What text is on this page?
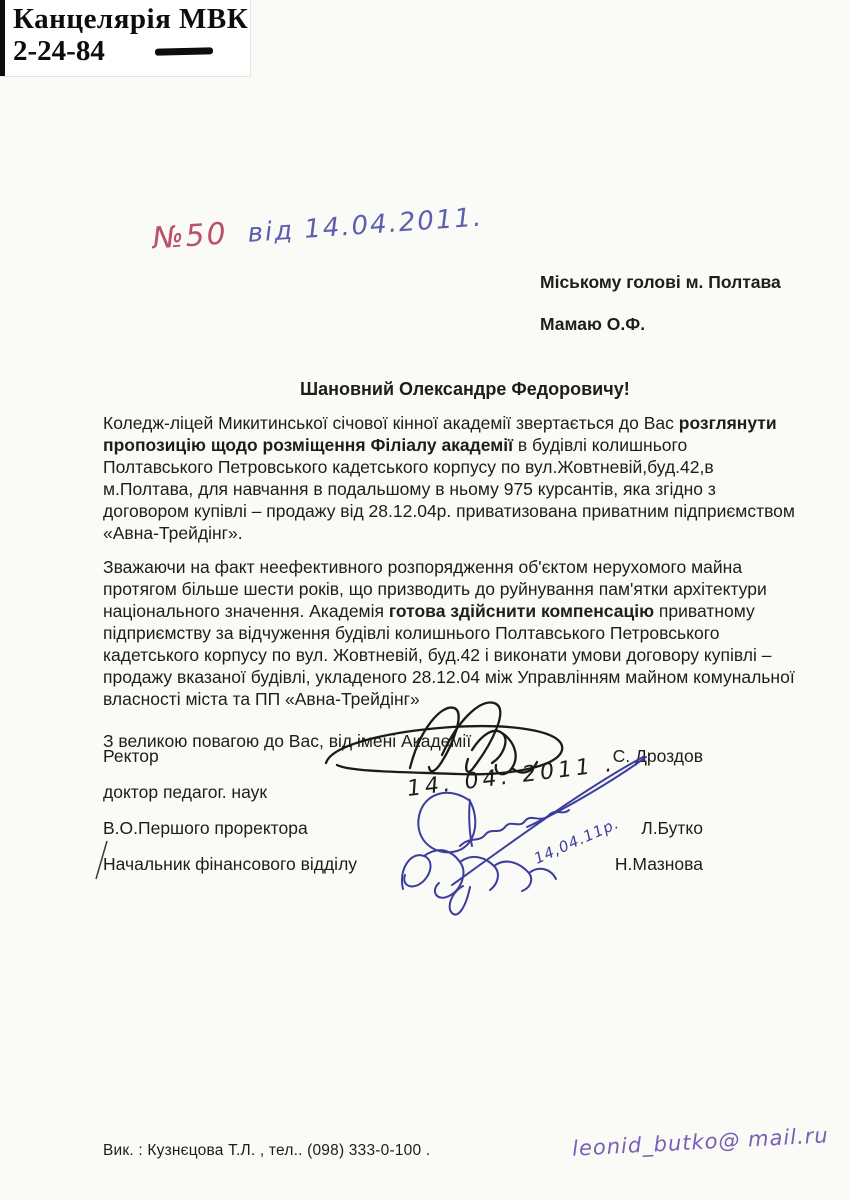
Канцелярія МВК
2-24-84
№50 від 14.04.2011.
Міському голові м. Полтава
Мамаю О.Ф.
Шановний Олександре Федоровичу!

Коледж-ліцей Микитинської січової кінної академії звертається до Вас розглянути пропозицію щодо розміщення Філіалу академії в будівлі колишнього Полтавського Петровського кадетського корпусу по вул.Жовтневій,буд.42,в м.Полтава, для навчання в подальшому в ньому 975 курсантів, яка згідно з договором купівлі – продажу від 28.12.04р. приватизована приватним підприємством «Авна-Трейдінг».

Зважаючи на факт неефективного розпорядження об'єктом нерухомого майна протягом більше шести років, що призводить до руйнування пам'ятки архітектури національного значення. Академія готова здійснити компенсацію приватному підприємству за відчуження будівлі колишнього Полтавського Петровського кадетського корпусу по вул. Жовтневій, буд.42 і виконати умови договору купівлі – продажу вказаної будівлі, укладеного 28.12.04 між Управлінням майном комунальної власності міста та ПП «Авна-Трейдінг»

З великою повагою до Вас, від імені Академії

Ректор	С. Дроздов
доктор педагог. наук
В.О.Першого проректора	Л.Бутко
Начальник фінансового відділу	Н.Мазнова
14. 04. 2011 .
14,04.11р.
Вик. : Кузнєцова Т.Л. , тел.. (098) 333-0-100 .	leonid_butko@ mail.ru
